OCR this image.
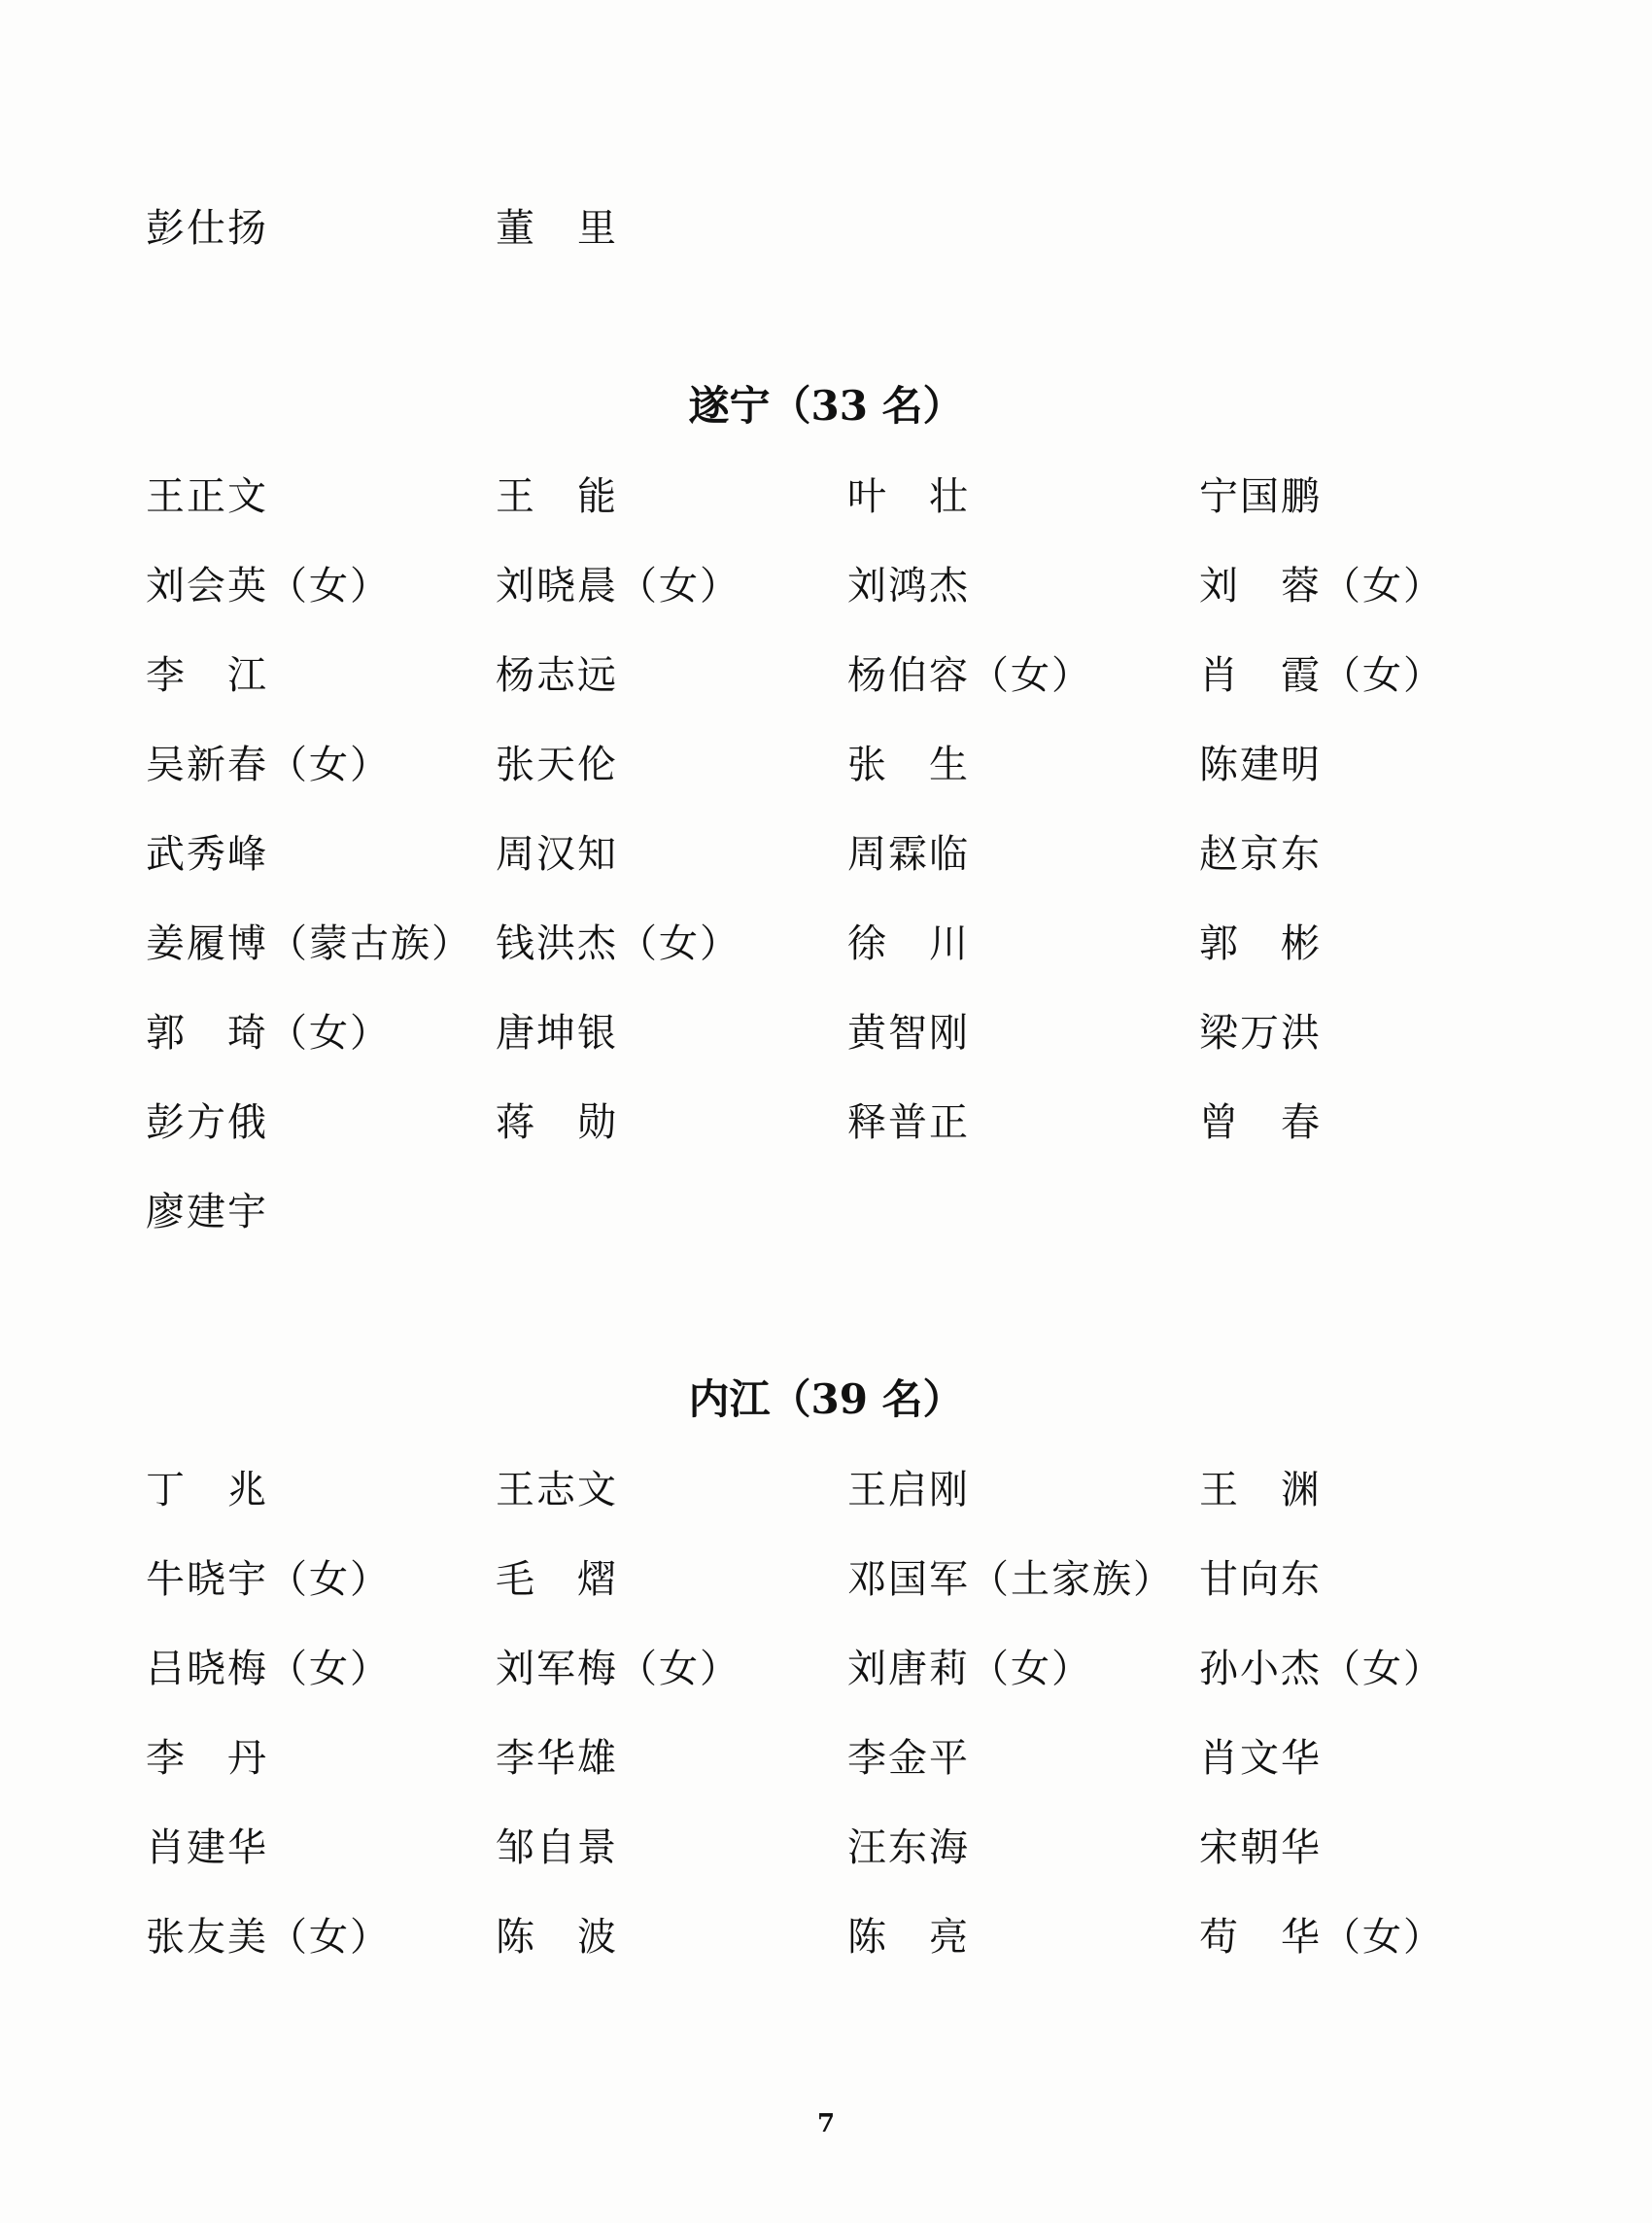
彭仕扬	董　里
遂宁（33 名）
王正文	王　能	叶　壮	宁国鹏
刘会英（女）	刘晓晨（女）	刘鸿杰	刘　蓉（女）
李　江	杨志远	杨伯容（女）	肖　霞（女）
吴新春（女）	张天伦	张　生	陈建明
武秀峰	周汉知	周霖临	赵京东
姜履博（蒙古族） 钱洪杰（女）	徐　川	郭　彬
郭　琦（女）	唐坤银	黄智刚	梁万洪
彭方俄	蒋　勋	释普正	曾　春
廖建宇
内江（39 名）
丁　兆	王志文	王启刚	王　渊
牛晓宇（女）	毛　熠	邓国军（土家族） 甘向东
吕晓梅（女）	刘军梅（女）	刘唐莉（女）	孙小杰（女）
李　丹	李华雄	李金平	肖文华
肖建华	邹自景	汪东海	宋朝华
张友美（女）	陈　波	陈　亮	苟　华（女）
7
